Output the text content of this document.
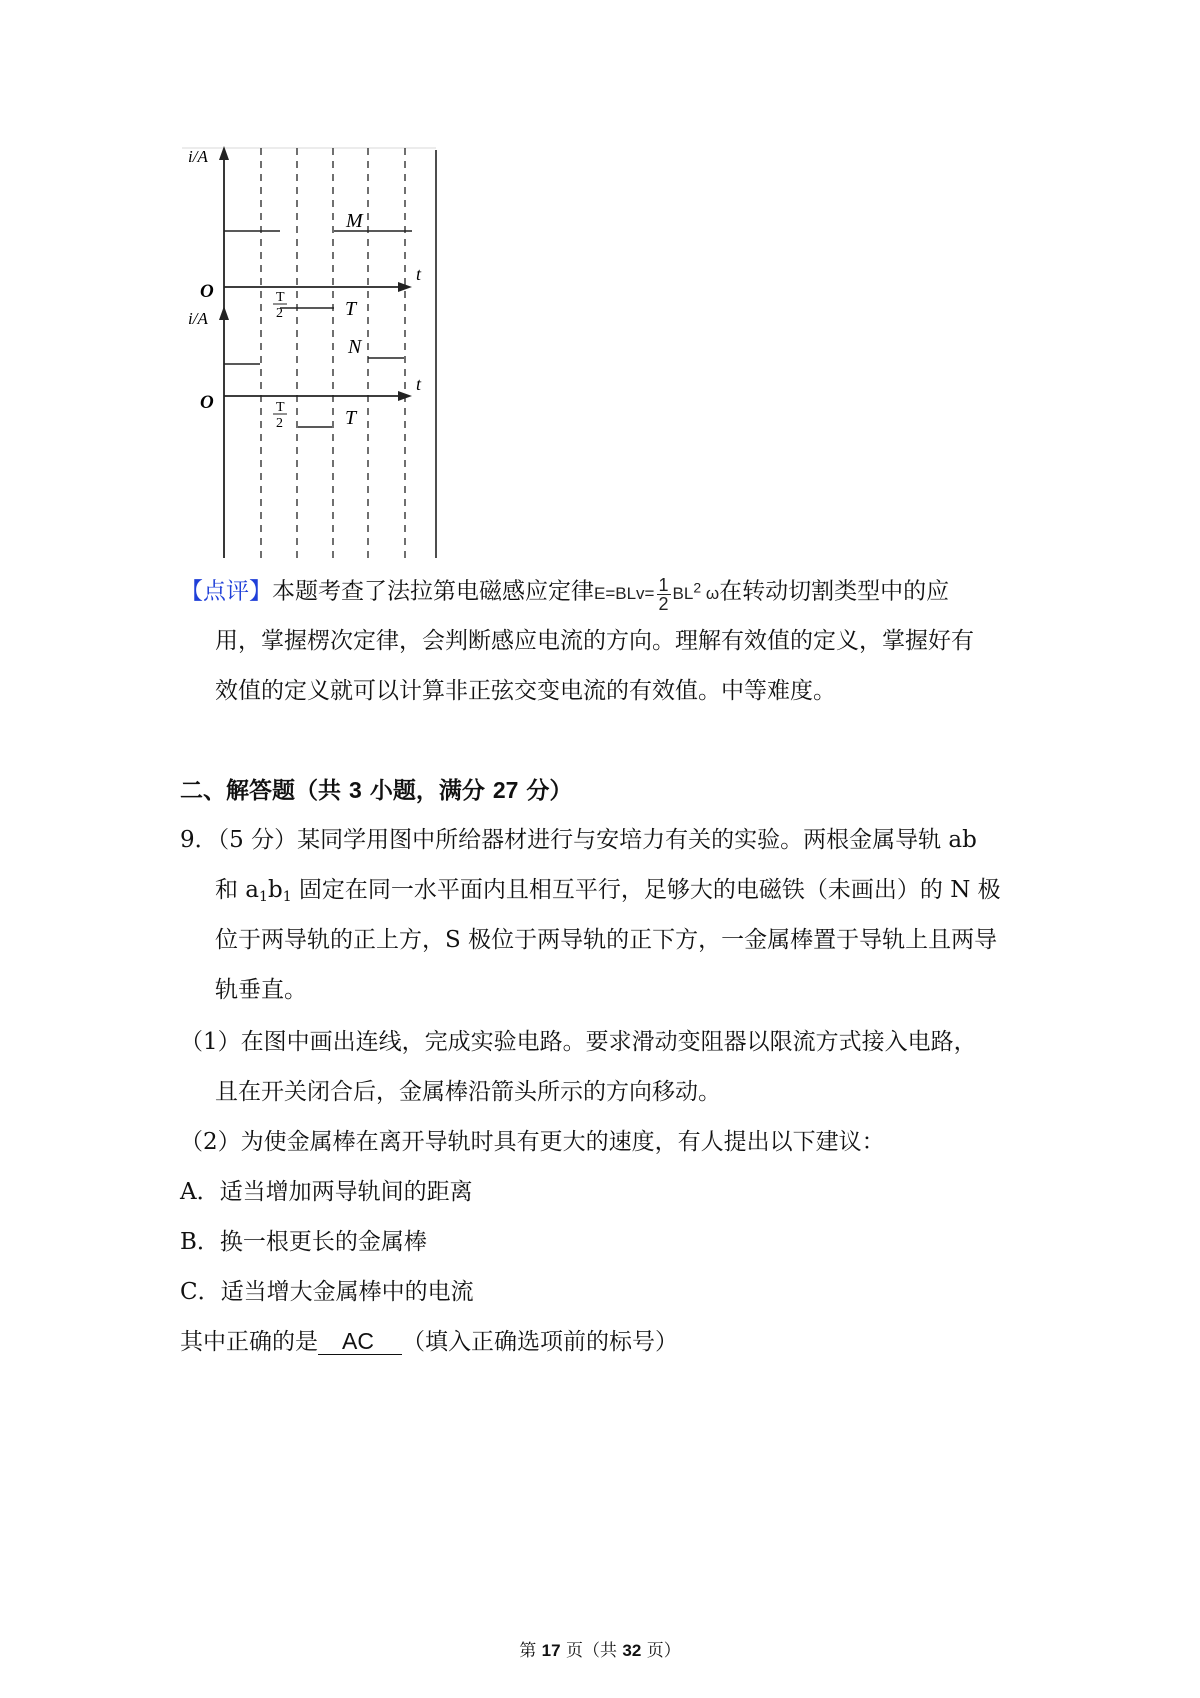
i/A
t
O	T
2	T
M
i/A
t
O	T
2	T
N
【点评】本题考查了法拉第电磁感应定律$E=BLv= \frac{1}{2} BL^2$ ω在转动切割类型中的应
用，掌握楞次定律，会判断感应电流的方向。理解有效值的定义，掌握好有
效值的定义就可以计算非正弦交变电流的有效值。中等难度。
二、解答题（共 3 小题，满分 27 分）
9．（5 分）某同学用图中所给器材进行与安培力有关的实验。两根金属导轨 ab
和 $a_1b_1$ 固定在同一水平面内且相互平行，足够大的电磁铁（未画出）的 N 极
位于两导轨的正上方，S 极位于两导轨的正下方，一金属棒置于导轨上且两导
轨垂直。
（1）在图中画出连线，完成实验电路。要求滑动变阻器以限流方式接入电路，
且在开关闭合后，金属棒沿箭头所示的方向移动。
（2）为使金属棒在离开导轨时具有更大的速度，有人提出以下建议：
A．适当增加两导轨间的距离
B．换一根更长的金属棒
C．适当增大金属棒中的电流
其中正确的是 AC （填入正确选项前的标号）
第 17 页（共 32 页）
